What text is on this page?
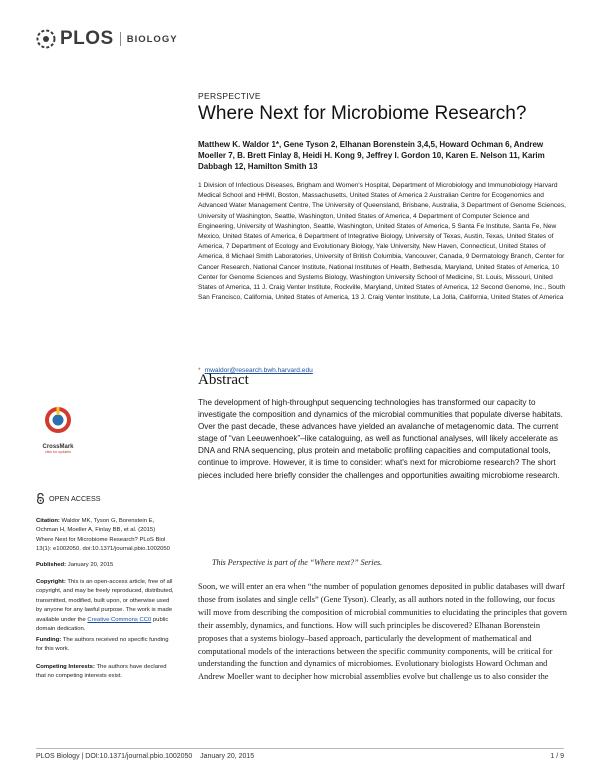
PLOS BIOLOGY
PERSPECTIVE
Where Next for Microbiome Research?
Matthew K. Waldor 1*, Gene Tyson 2, Elhanan Borenstein 3,4,5, Howard Ochman 6, Andrew Moeller 7, B. Brett Finlay 8, Heidi H. Kong 9, Jeffrey I. Gordon 10, Karen E. Nelson 11, Karim Dabbagh 12, Hamilton Smith 13
1 Division of Infectious Diseases, Brigham and Women's Hospital, Department of Microbiology and Immunobiology Harvard Medical School and HHMI, Boston, Massachusetts, United States of America 2 Australian Centre for Ecogenomics and Advanced Water Management Centre, The University of Queensland, Brisbane, Australia, 3 Department of Genome Sciences, University of Washington, Seattle, Washington, United States of America, 4 Department of Computer Science and Engineering, University of Washington, Seattle, Washington, United States of America, 5 Santa Fe Institute, Santa Fe, New Mexico, United States of America, 6 Department of Integrative Biology, University of Texas, Austin, Texas, United States of America, 7 Department of Ecology and Evolutionary Biology, Yale University, New Haven, Connecticut, United States of America, 8 Michael Smith Laboratories, University of British Columbia, Vancouver, Canada, 9 Dermatology Branch, Center for Cancer Research, National Cancer Institute, National Institutes of Health, Bethesda, Maryland, United States of America, 10 Center for Genome Sciences and Systems Biology, Washington University School of Medicine, St. Louis, Missouri, United States of America, 11 J. Craig Venter Institute, Rockville, Maryland, United States of America, 12 Second Genome, Inc., South San Francisco, California, United States of America, 13 J. Craig Venter Institute, La Jolla, California, United States of America
* mwaldor@research.bwh.harvard.edu
Abstract
The development of high-throughput sequencing technologies has transformed our capacity to investigate the composition and dynamics of the microbial communities that populate diverse habitats. Over the past decade, these advances have yielded an avalanche of metagenomic data. The current stage of “van Leeuwenhoek”–like cataloguing, as well as functional analyses, will likely accelerate as DNA and RNA sequencing, plus protein and metabolic profiling capacities and computational tools, continue to improve. However, it is time to consider: what's next for microbiome research? The short pieces included here briefly consider the challenges and opportunities awaiting microbiome research.
This Perspective is part of the “Where next?” Series.
Soon, we will enter an era when “the number of population genomes deposited in public databases will dwarf those from isolates and single cells” (Gene Tyson). Clearly, as all authors noted in the following, our focus will move from describing the composition of microbial communities to elucidating the principles that govern their assembly, dynamics, and functions. How will such principles be discovered? Elhanan Borenstein proposes that a systems biology–based approach, particularly the development of mathematical and computational models of the interactions between the specific community components, will be critical for understanding the function and dynamics of microbiomes. Evolutionary biologists Howard Ochman and Andrew Moeller want to decipher how microbial assemblies evolve but challenge us to also consider the
CrossMark
click for updates
OPEN ACCESS
Citation: Waldor MK, Tyson G, Borenstein E, Ochman H, Moeller A, Finlay BB, et al. (2015) Where Next for Microbiome Research? PLoS Biol 13(1): e1002050. doi:10.1371/journal.pbio.1002050
Published: January 20, 2015
Copyright: This is an open-access article, free of all copyright, and may be freely reproduced, distributed, transmitted, modified, built upon, or otherwise used by anyone for any lawful purpose. The work is made available under the Creative Commons CC0 public domain dedication.
Funding: The authors received no specific funding for this work.
Competing Interests: The authors have declared that no competing interests exist.
PLOS Biology | DOI:10.1371/journal.pbio.1002050    January 20, 2015	1 / 9
